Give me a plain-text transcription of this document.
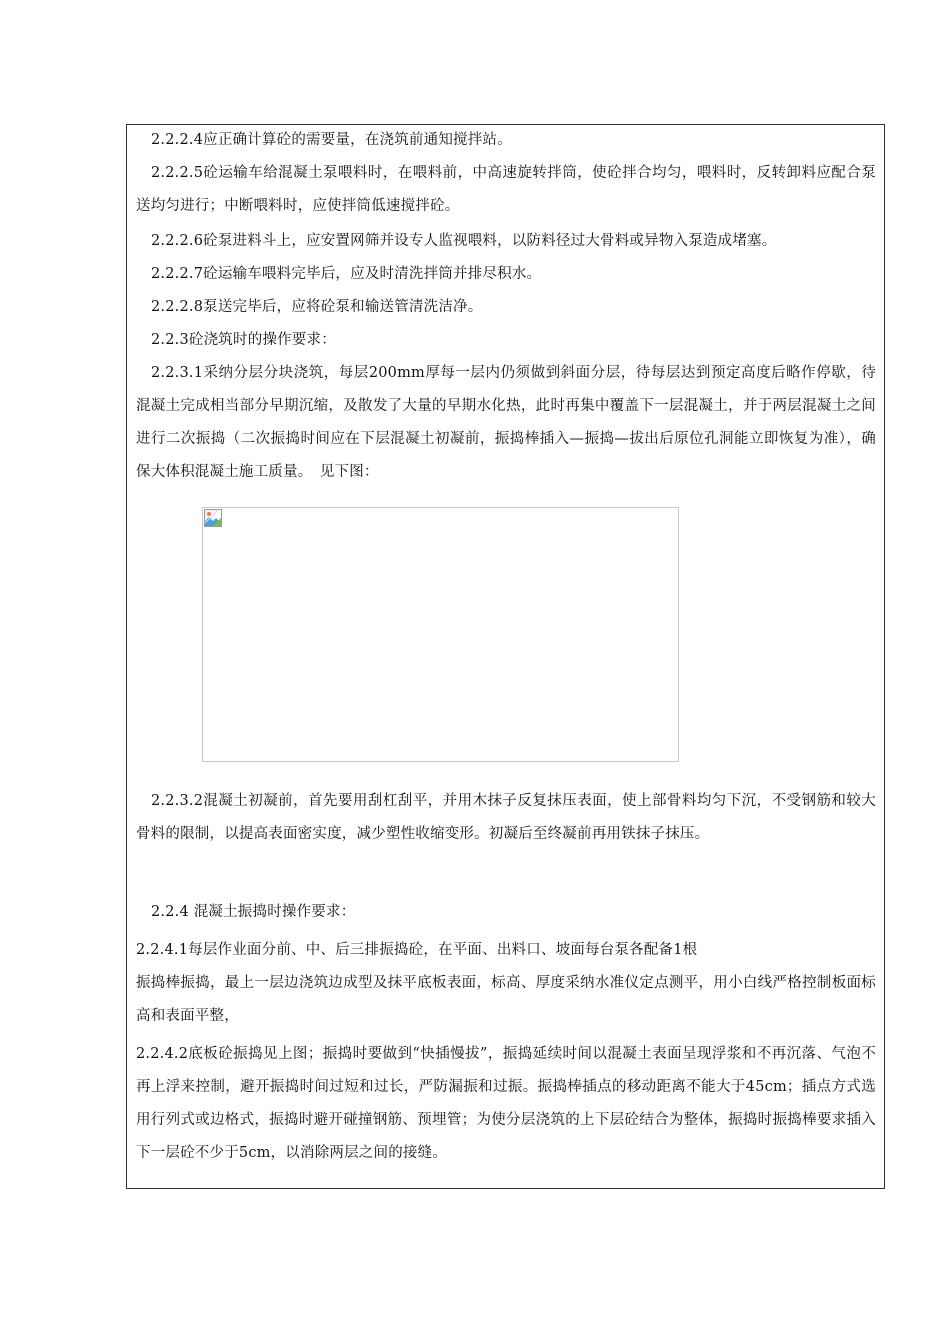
2.2.2.4应正确计算砼的需要量，在浇筑前通知搅拌站。

2.2.2.5砼运输车给混凝土泵喂料时，在喂料前，中高速旋转拌筒，使砼拌合均匀，喂料时，反转卸料应配合泵送均匀进行；中断喂料时，应使拌筒低速搅拌砼。

2.2.2.6砼泵进料斗上，应安置网筛并设专人监视喂料，以防料径过大骨料或异物入泵造成堵塞。

2.2.2.7砼运输车喂料完毕后，应及时清洗拌筒并排尽积水。

2.2.2.8泵送完毕后，应将砼泵和输送管清洗洁净。

2.2.3砼浇筑时的操作要求：

2.2.3.1采纳分层分块浇筑，每层200mm厚每一层内仍须做到斜面分层，待每层达到预定高度后略作停歇，待混凝土完成相当部分早期沉缩，及散发了大量的早期水化热，此时再集中覆盖下一层混凝土，并于两层混凝土之间进行二次振捣（二次振捣时间应在下层混凝土初凝前，振捣棒插入—振捣—拔出后原位孔洞能立即恢复为准），确保大体积混凝土施工质量。　见下图：

2.2.3.2混凝土初凝前，首先要用刮杠刮平，并用木抹子反复抹压表面，使上部骨料均匀下沉，不受钢筋和较大骨料的限制，以提高表面密实度，减少塑性收缩变形。初凝后至终凝前再用铁抹子抹压。

2.2.4 混凝土振捣时操作要求：

2.2.4.1每层作业面分前、中、后三排振捣砼，在平面、出料口、坡面每台泵各配备1根

振捣棒振捣，最上一层边浇筑边成型及抹平底板表面，标高、厚度采纳水准仪定点测平，用小白线严格控制板面标高和表面平整，

2.2.4.2底板砼振捣见上图；振捣时要做到“快插慢拔”，振捣延续时间以混凝土表面呈现浮浆和不再沉落、气泡不再上浮来控制，避开振捣时间过短和过长，严防漏振和过振。振捣棒插点的移动距离不能大于45cm；插点方式选用行列式或边格式，振捣时避开碰撞钢筋、预埋管；为使分层浇筑的上下层砼结合为整体，振捣时振捣棒要求插入下一层砼不少于5cm，以消除两层之间的接缝。
